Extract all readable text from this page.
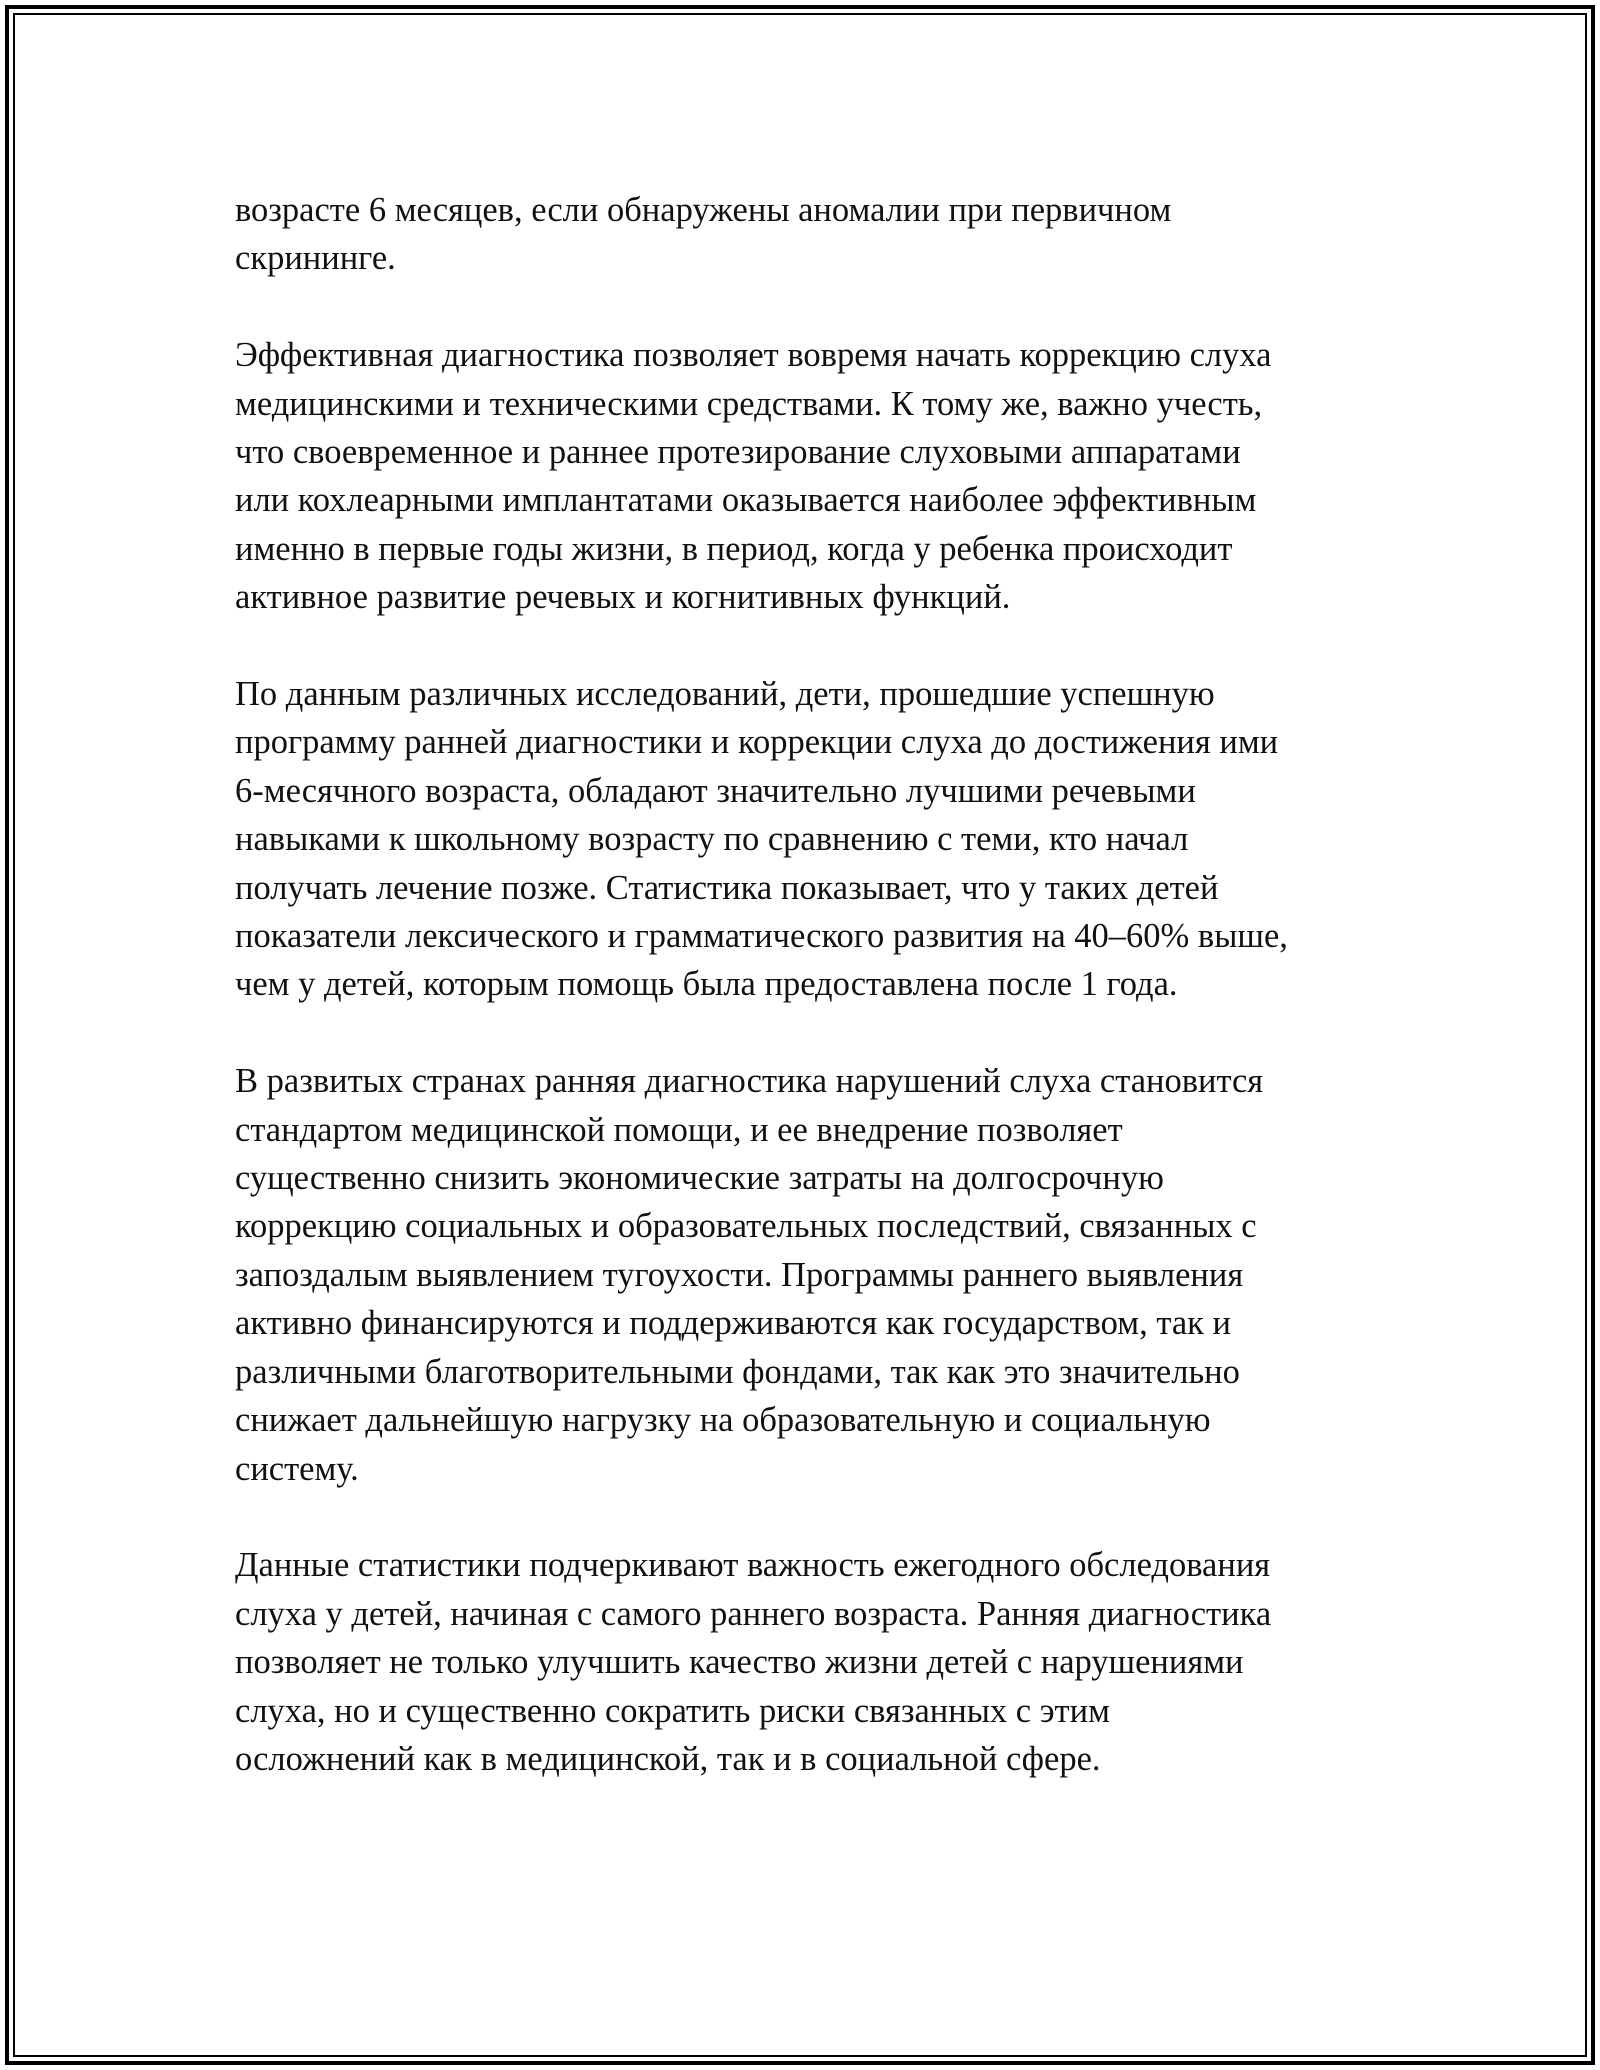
возрасте 6 месяцев, если обнаружены аномалии при первичном
скрининге.

Эффективная диагностика позволяет вовремя начать коррекцию слуха
медицинскими и техническими средствами. К тому же, важно учесть,
что своевременное и раннее протезирование слуховыми аппаратами
или кохлеарными имплантатами оказывается наиболее эффективным
именно в первые годы жизни, в период, когда у ребенка происходит
активное развитие речевых и когнитивных функций.

По данным различных исследований, дети, прошедшие успешную
программу ранней диагностики и коррекции слуха до достижения ими
6-месячного возраста, обладают значительно лучшими речевыми
навыками к школьному возрасту по сравнению с теми, кто начал
получать лечение позже. Статистика показывает, что у таких детей
показатели лексического и грамматического развития на 40–60% выше,
чем у детей, которым помощь была предоставлена после 1 года.

В развитых странах ранняя диагностика нарушений слуха становится
стандартом медицинской помощи, и ее внедрение позволяет
существенно снизить экономические затраты на долгосрочную
коррекцию социальных и образовательных последствий, связанных с
запоздалым выявлением тугоухости. Программы раннего выявления
активно финансируются и поддерживаются как государством, так и
различными благотворительными фондами, так как это значительно
снижает дальнейшую нагрузку на образовательную и социальную
систему.

Данные статистики подчеркивают важность ежегодного обследования
слуха у детей, начиная с самого раннего возраста. Ранняя диагностика
позволяет не только улучшить качество жизни детей с нарушениями
слуха, но и существенно сократить риски связанных с этим
осложнений как в медицинской, так и в социальной сфере.
